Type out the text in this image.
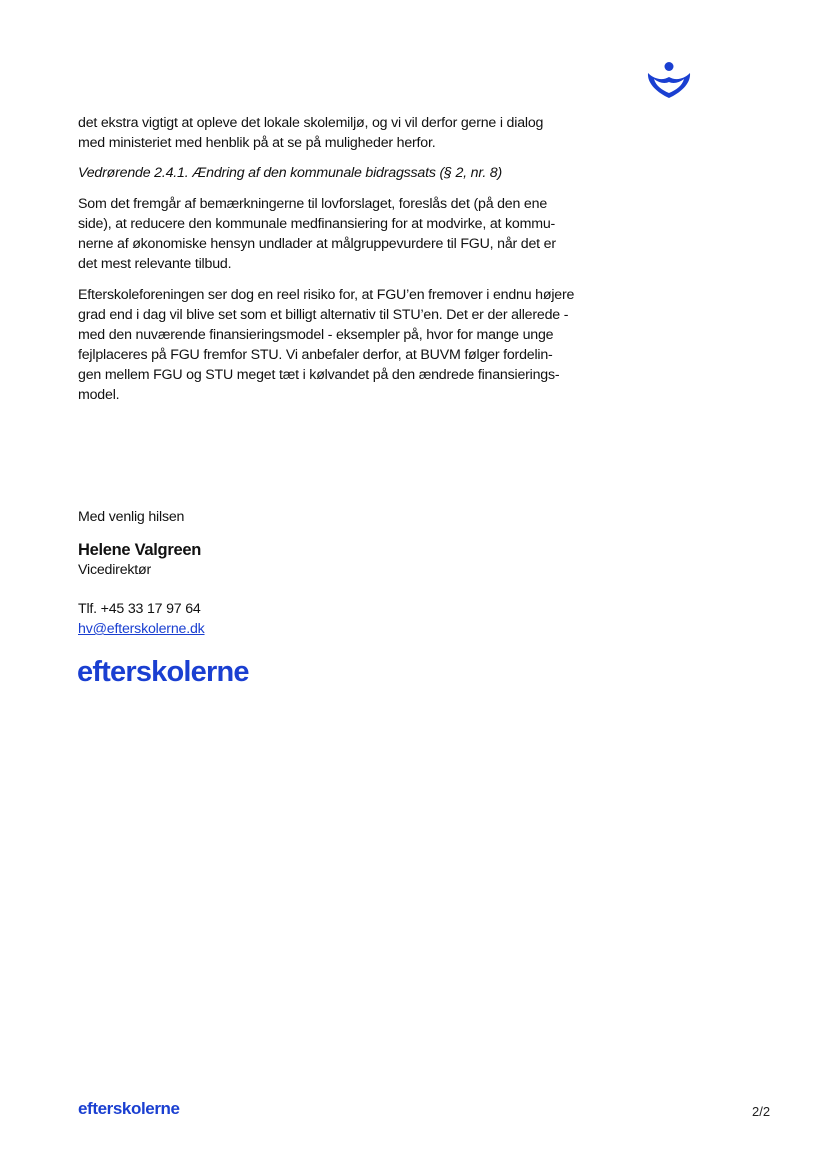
det ekstra vigtigt at opleve det lokale skolemiljø, og vi vil derfor gerne i dialog

med ministeriet med henblik på at se på muligheder herfor.

Vedrørende 2.4.1. Ændring af den kommunale bidragssats (§ 2, nr. 8)

Som det fremgår af bemærkningerne til lovforslaget, foreslås det (på den ene

side), at reducere den kommunale medfinansiering for at modvirke, at kommu-

nerne af økonomiske hensyn undlader at målgruppevurdere til FGU, når det er

det mest relevante tilbud.

Efterskoleforeningen ser dog en reel risiko for, at FGU’en fremover i endnu højere

grad end i dag vil blive set som et billigt alternativ til STU’en. Det er der allerede -

med den nuværende finansieringsmodel - eksempler på, hvor for mange unge

fejlplaceres på FGU fremfor STU. Vi anbefaler derfor, at BUVM følger fordelin-

gen mellem FGU og STU meget tæt i kølvandet på den ændrede finansierings-

model.

Med venlig hilsen

Helene Valgreen
Vicedirektør
Tlf. +45 33 17 97 64
hv@efterskolerne.dk
efterskolerne
efterskolerne	2/2
